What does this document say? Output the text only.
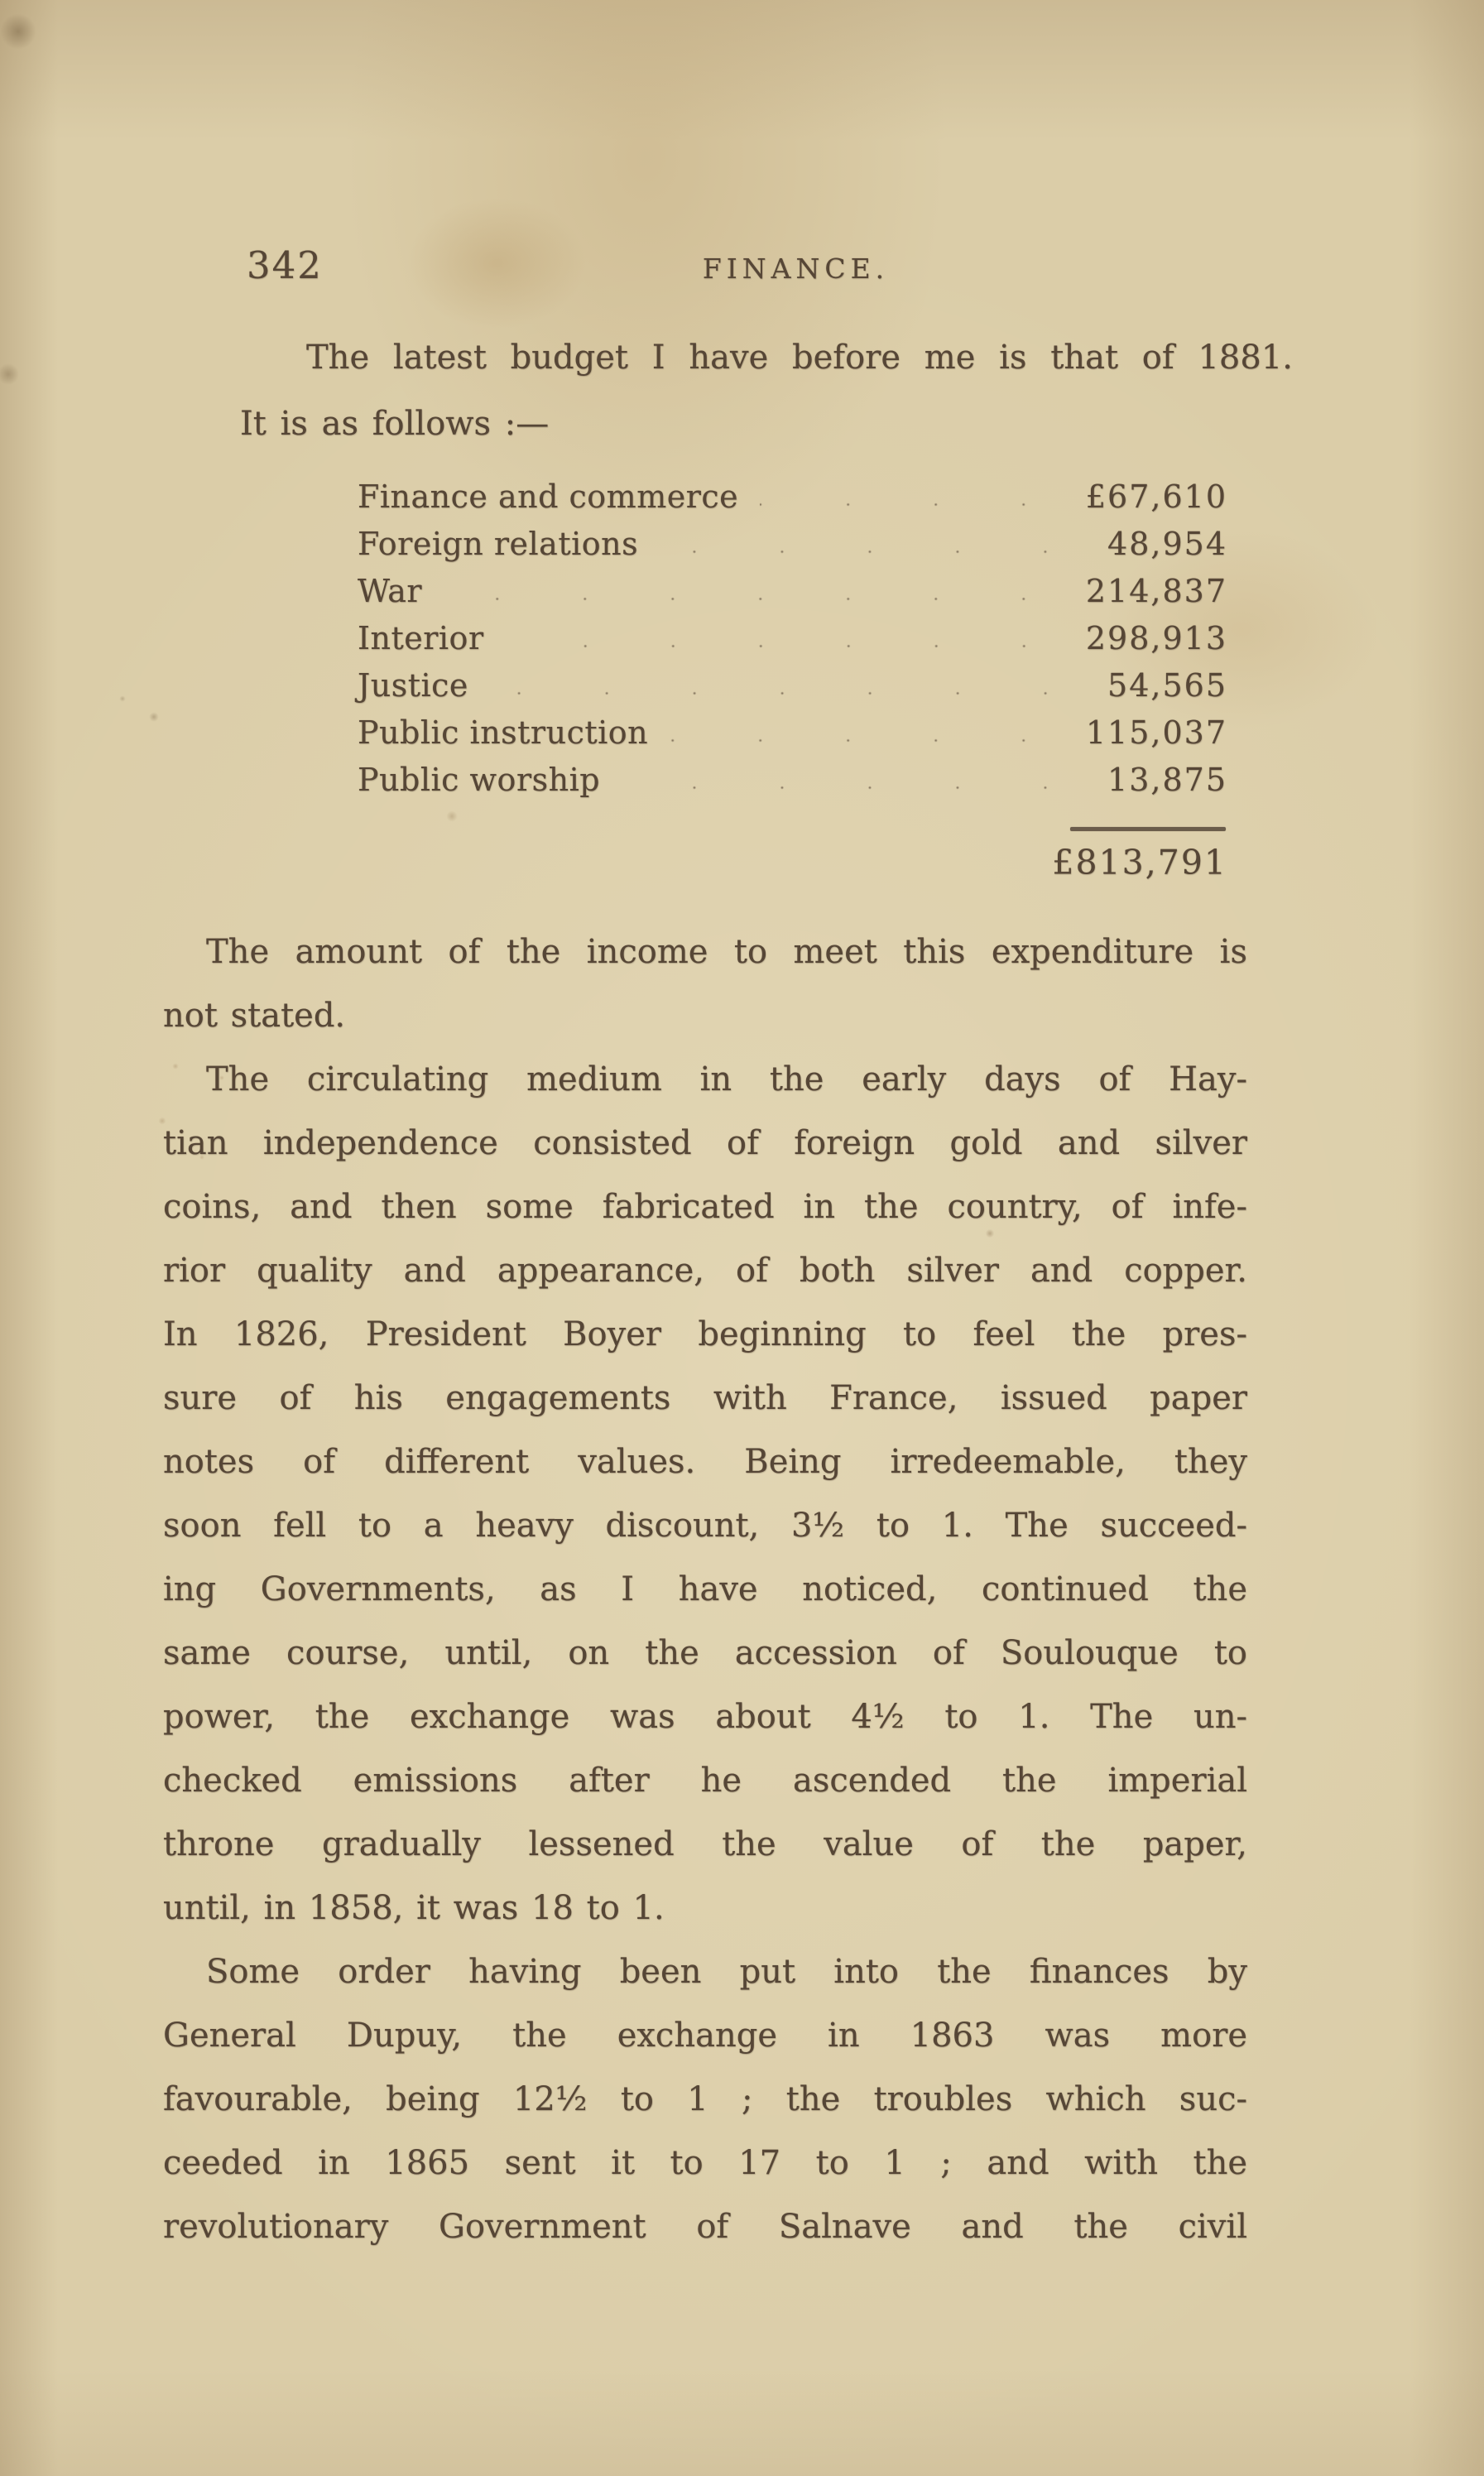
342	FINANCE.
The latest budget I have before me is that of 1881.
It is as follows :—
Finance and commerce	£67,610
Foreign relations	48,954
War	214,837
Interior	298,913
Justice	54,565
Public instruction	115,037
Public worship	13,875
£813,791
The amount of the income to meet this expenditure is
not stated.
The circulating medium in the early days of Hay-
tian independence consisted of foreign gold and silver
coins, and then some fabricated in the country, of infe-
rior quality and appearance, of both silver and copper.
In 1826, President Boyer beginning to feel the pres-
sure of his engagements with France, issued paper
notes of different values. Being irredeemable, they
soon fell to a heavy discount, 3½ to 1. The succeed-
ing Governments, as I have noticed, continued the
same course, until, on the accession of Soulouque to
power, the exchange was about 4½ to 1. The un-
checked emissions after he ascended the imperial
throne gradually lessened the value of the paper,
until, in 1858, it was 18 to 1.
Some order having been put into the finances by
General Dupuy, the exchange in 1863 was more
favourable, being 12½ to 1 ; the troubles which suc-
ceeded in 1865 sent it to 17 to 1 ; and with the
revolutionary Government of Salnave and the civil
